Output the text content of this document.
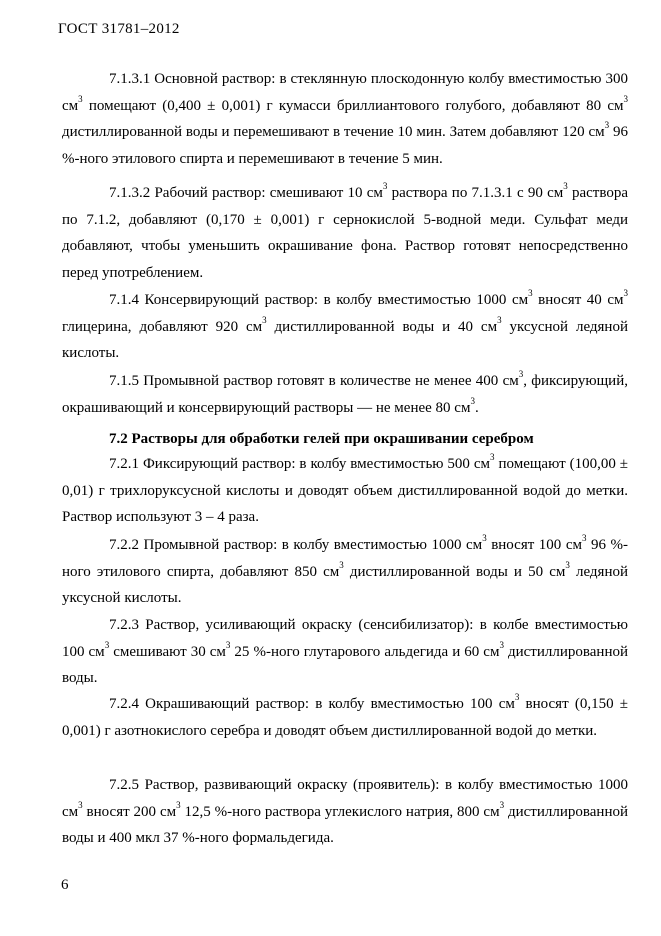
ГОСТ 31781–2012

7.1.3.1 Основной раствор: в стеклянную плоскодонную колбу вместимостью 300 $см^3$ помещают (0,400 ± 0,001) г кумасси бриллиантового голубого, добавляют 80 $см^3$ дистиллированной воды и перемешивают в течение 10 мин. Затем добавляют 120 $см^3$ 96 %-ного этилового спирта и перемешивают в течение 5 мин.

7.1.3.2 Рабочий раствор: смешивают 10 $см^3$ раствора по 7.1.3.1 с 90 $см^3$ раствора по 7.1.2, добавляют (0,170 ± 0,001) г сернокислой 5-водной меди. Сульфат меди добавляют, чтобы уменьшить окрашивание фона. Раствор готовят непосредственно перед употреблением.

7.1.4 Консервирующий раствор: в колбу вместимостью 1000 $см^3$ вносят 40 $см^3$ глицерина, добавляют 920 $см^3$ дистиллированной воды и 40 $см^3$ уксусной ледяной кислоты.

7.1.5 Промывной раствор готовят в количестве не менее 400 $см^3$, фиксирующий, окрашивающий и консервирующий растворы — не менее 80 $см^3$.

7.2 Растворы для обработки гелей при окрашивании серебром

7.2.1 Фиксирующий раствор: в колбу вместимостью 500 $см^3$ помещают (100,00 ± 0,01) г трихлоруксусной кислоты и доводят объем дистиллированной водой до метки. Раствор используют 3 – 4 раза.

7.2.2 Промывной раствор: в колбу вместимостью 1000 $см^3$ вносят 100 $см^3$ 96 %-ного этилового спирта, добавляют 850 $см^3$ дистиллированной воды и 50 $см^3$ ледяной уксусной кислоты.

7.2.3 Раствор, усиливающий окраску (сенсибилизатор): в колбе вместимостью 100 $см^3$ смешивают 30 $см^3$ 25 %-ного глутарового альдегида и 60 $см^3$ дистиллированной воды.

7.2.4 Окрашивающий раствор: в колбу вместимостью 100 $см^3$ вносят (0,150 ± 0,001) г азотнокислого серебра и доводят объем дистиллированной водой до метки.

7.2.5 Раствор, развивающий окраску (проявитель): в колбу вместимостью 1000 $см^3$ вносят 200 $см^3$ 12,5 %-ного раствора углекислого натрия, 800 $см^3$ дистиллированной воды и 400 мкл 37 %-ного формальдегида.

6
